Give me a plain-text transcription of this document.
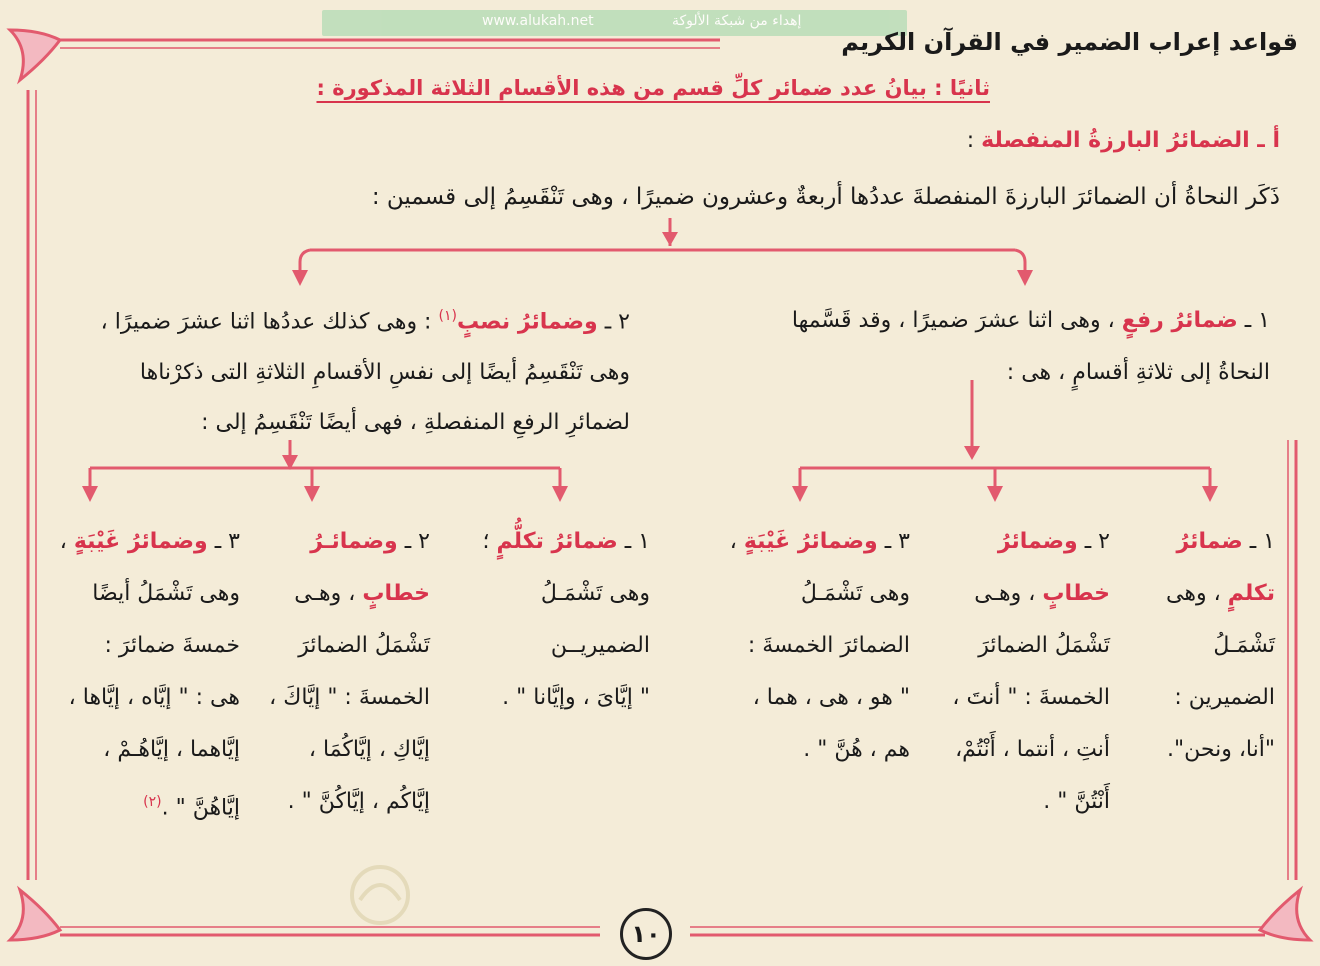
www.alukah.net	إهداء من شبكة الألوكة
قواعد إعراب الضمير في القرآن الكريم
ثانيًا : بيانُ عدد ضمائر كلِّ قسم من هذه الأقسام الثلاثة المذكورة :
أ ـ الضمائرُ البارزةُ المنفصلة :
ذَكَر النحاةُ أن الضمائرَ البارزةَ المنفصلةَ عددُها أربعةٌ وعشرون ضميرًا ، وهى تَنْقَسِمُ إلى قسمين :
١ ـ ضمائرُ رفعٍ ، وهى اثنا عشرَ ضميرًا ، وقد قَسَّمها
النحاةُ إلى ثلاثةِ أقسامٍ ، هى :
٢ ـ وضمائرُ نصبٍ$^{(١)}$ : وهى كذلك عددُها اثنا عشرَ ضميرًا ،
وهى تَنْقَسِمُ أيضًا إلى نفسِ الأقسامِ الثلاثةِ التى ذكرْناها
لضمائرِ الرفعِ المنفصلةِ ، فهى أيضًا تَنْقَسِمُ إلى :
١ ـ ضمائرُ
تكلمٍ ، وهى
تَشْمَـلُ
الضميرين :
"أنا، ونحن".
٢ ـ وضمائرُ
خطابٍ ، وهـى
تَشْمَلُ الضمائرَ
الخمسةَ : " أنتَ ،
أنتِ ، أنتما ، أَنْتُمْ،
أَنْتُنَّ " .
٣ ـ وضمائرُ غَيْبَةٍ ،
وهى تَشْمَـلُ
الضمائرَ الخمسةَ :
" هو ، هى ، هما ،
هم ، هُنَّ " .
١ ـ ضمائرُ تكلُّمٍ ؛
وهى تَشْمَـلُ
الضميريــن
" إيَّاىَ ، وإيَّانا " .
٢ ـ وضمائـرُ
خطابٍ ، وهـى
تَشْمَلُ الضمائرَ
الخمسةَ : " إيَّاكَ ،
إيَّاكِ ، إيَّاكُمَا ،
إيَّاكُم ، إيَّاكُنَّ " .
٣ ـ وضمائرُ غَيْبَةٍ ،
وهى تَشْمَلُ أيضًا
خمسةَ ضمائرَ :
هى : " إيَّاه ، إيَّاها ،
إيَّاهما ، إيَّاهُـمْ ،
إيَّاهُنَّ " .$^{(٢)}$
١٠
